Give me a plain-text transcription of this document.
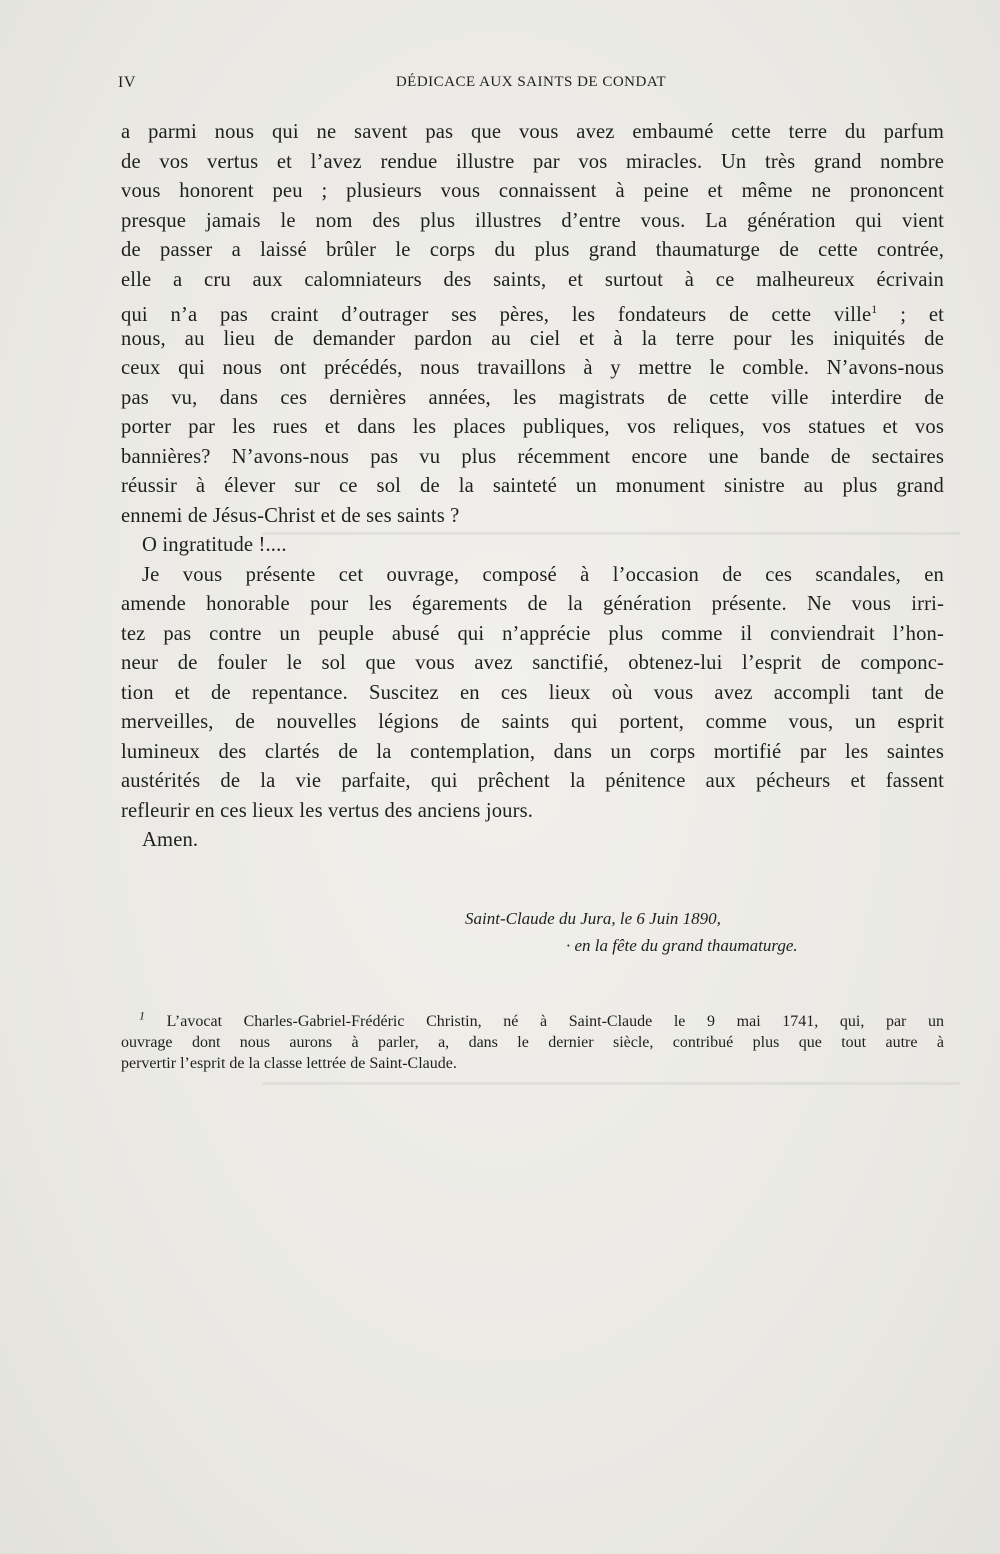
IV	DÉDICACE AUX SAINTS DE CONDAT
a parmi nous qui ne savent pas que vous avez embaumé cette terre du parfum
de vos vertus et l’avez rendue illustre par vos miracles. Un très grand nombre
vous honorent peu ; plusieurs vous connaissent à peine et même ne prononcent
presque jamais le nom des plus illustres d’entre vous. La génération qui vient
de passer a laissé brûler le corps du plus grand thaumaturge de cette contrée,
elle a cru aux calomniateurs des saints, et surtout à ce malheureux écrivain
qui n’a pas craint d’outrager ses pères, les fondateurs de cette ville$^1$ ; et
nous, au lieu de demander pardon au ciel et à la terre pour les iniquités de
ceux qui nous ont précédés, nous travaillons à y mettre le comble. N’avons-nous
pas vu, dans ces dernières années, les magistrats de cette ville interdire de
porter par les rues et dans les places publiques, vos reliques, vos statues et vos
bannières? N’avons-nous pas vu plus récemment encore une bande de sectaires
réussir à élever sur ce sol de la sainteté un monument sinistre au plus grand
ennemi de Jésus-Christ et de ses saints ?
O ingratitude !....
Je vous présente cet ouvrage, composé à l’occasion de ces scandales, en
amende honorable pour les égarements de la génération présente. Ne vous irri-
tez pas contre un peuple abusé qui n’apprécie plus comme il conviendrait l’hon-
neur de fouler le sol que vous avez sanctifié, obtenez-lui l’esprit de componc-
tion et de repentance. Suscitez en ces lieux où vous avez accompli tant de
merveilles, de nouvelles légions de saints qui portent, comme vous, un esprit
lumineux des clartés de la contemplation, dans un corps mortifié par les saintes
austérités de la vie parfaite, qui prêchent la pénitence aux pécheurs et fassent
refleurir en ces lieux les vertus des anciens jours.
Amen.
Saint-Claude du Jura, le 6 Juin 1890,
· en la fête du grand thaumaturge.
$^1$ L’avocat Charles-Gabriel-Frédéric Christin, né à Saint-Claude le 9 mai 1741, qui, par un
ouvrage dont nous aurons à parler, a, dans le dernier siècle, contribué plus que tout autre à
pervertir l’esprit de la classe lettrée de Saint-Claude.
